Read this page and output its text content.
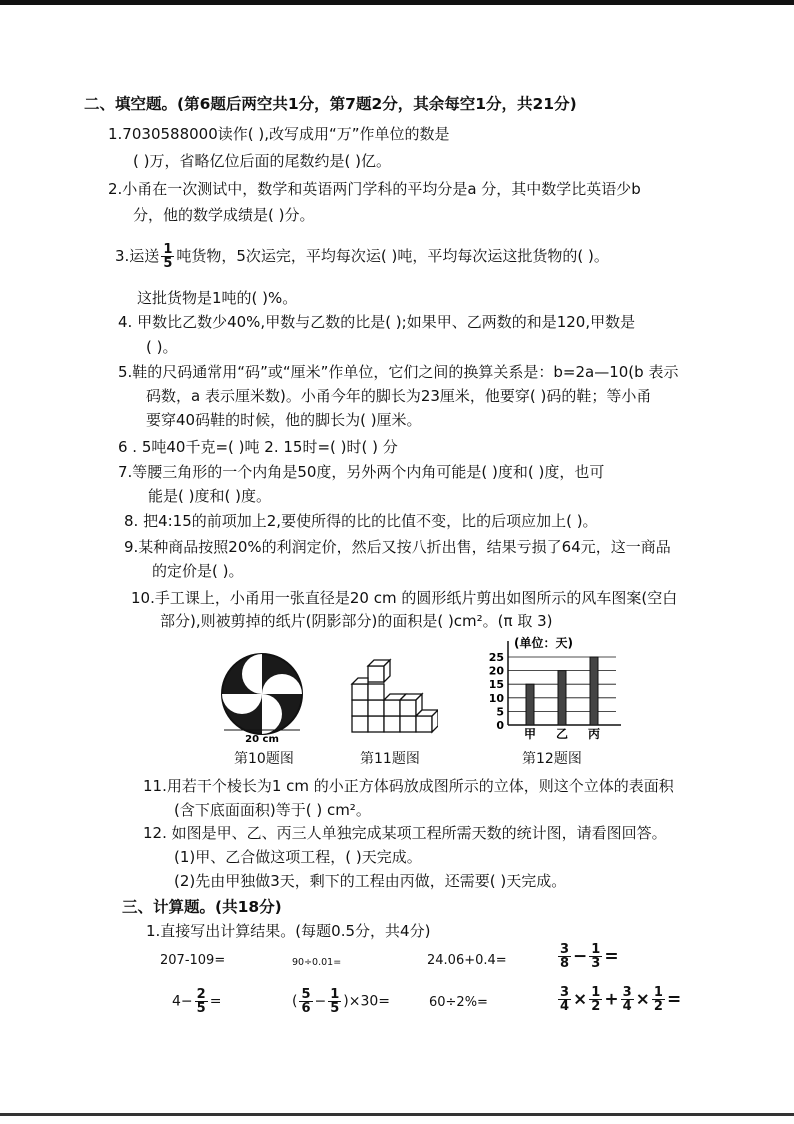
二、填空题。(第6题后两空共1分，第7题2分，其余每空1分，共21分)
1.7030588000读作( ),改写成用“万”作单位的数是
( )万，省略亿位后面的尾数约是( )亿。
2.小甬在一次测试中，数学和英语两门学科的平均分是a 分，其中数学比英语少b
分，他的数学成绩是( )分。
3.运送 $\frac{1}{5}$ 吨货物，5次运完，平均每次运( )吨，平均每次运这批货物的( )。
这批货物是1吨的( )%。
4. 甲数比乙数少40%,甲数与乙数的比是( );如果甲、乙两数的和是120,甲数是
( )。
5.鞋的尺码通常用“码”或“厘米”作单位，它们之间的换算关系是：b=2a—10(b 表示
码数，a 表示厘米数)。小甬今年的脚长为23厘米，他要穿( )码的鞋；等小甬
要穿40码鞋的时候，他的脚长为( )厘米。
6 . 5吨40千克=( )吨 2. 15时=( )时( ) 分
7.等腰三角形的一个内角是50度，另外两个内角可能是( )度和( )度，也可
能是( )度和( )度。
8. 把4:15的前项加上2,要使所得的比的比值不变，比的后项应加上( )。
9.某种商品按照20%的利润定价，然后又按八折出售，结果亏损了64元，这一商品
的定价是( )。
10.手工课上，小甬用一张直径是20 cm 的圆形纸片剪出如图所示的风车图案(空白
部分),则被剪掉的纸片(阴影部分)的面积是( )cm²。(π 取 3)
20 cm
第10题图	第11题图
(单位：天)
0
5
10
15
20
25
甲 乙 丙
第12题图
11.用若干个棱长为1 cm 的小正方体码放成图所示的立体，则这个立体的表面积
(含下底面面积)等于( ) cm²。
12. 如图是甲、乙、丙三人单独完成某项工程所需天数的统计图，请看图回答。
(1)甲、乙合做这项工程，( )天完成。
(2)先由甲独做3天，剩下的工程由丙做，还需要( )天完成。
三、计算题。(共18分)
1.直接写出计算结果。(每题0.5分，共4分)
207-109=	90÷0.01=	24.06+0.4=	$\frac{3}{8} - \frac{1}{3}$ =
$4- \frac{2}{5}$ =	( $\frac{5}{6} - \frac{1}{5} )\times 30=$	60÷2%=	$\frac{3}{4} \times \frac{1}{2} + \frac{3}{4} \times \frac{1}{2}$ =
